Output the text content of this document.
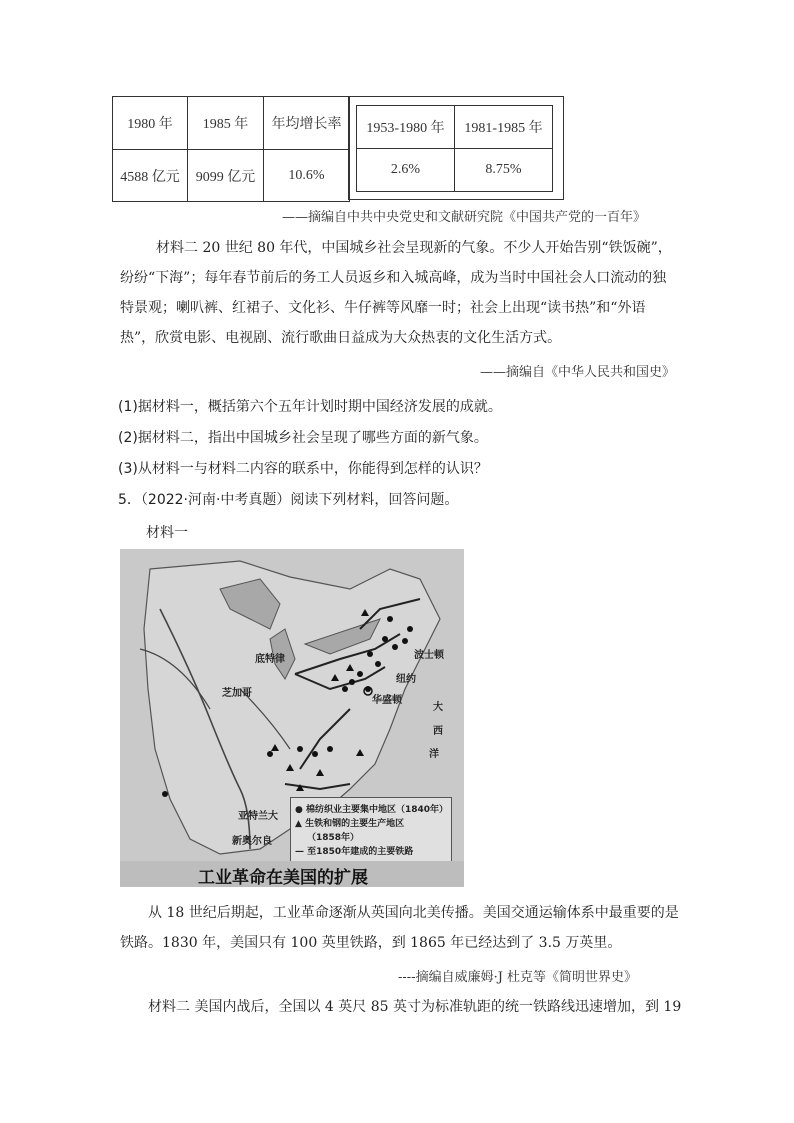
1980 年	1985 年	年均增长率
4588 亿元	9099 亿元	10.6%
1953-1980 年	1981-1985 年
2.6%	8.75%
——摘编自中共中央党史和文献研究院《中国共产党的一百年》

材料二 20 世纪 80 年代，中国城乡社会呈现新的气象。不少人开始告别“铁饭碗”，

纷纷“下海”；每年春节前后的务工人员返乡和入城高峰，成为当时中国社会人口流动的独

特景观；喇叭裤、红裙子、文化衫、牛仔裤等风靡一时；社会上出现“读书热”和“外语

热”，欣赏电影、电视剧、流行歌曲日益成为大众热衷的文化生活方式。

——摘编自《中华人民共和国史》
(1)据材料一，概括第六个五年计划时期中国经济发展的成就。
(2)据材料二，指出中国城乡社会呈现了哪些方面的新气象。
(3)从材料一与材料二内容的联系中，你能得到怎样的认识？
5．（2022·河南·中考真题）阅读下列材料，回答问题。
材料一
波士顿
底特律
芝加哥
纽约
华盛顿
亚特兰大
新奥尔良
大
西
洋
● 棉纺织业主要集中地区（1840年）
▲ 生铁和钢的主要生产地区
（1858年）
— 至1850年建成的主要铁路
工业革命在美国的扩展

从 18 世纪后期起，工业革命逐渐从英国向北美传播。美国交通运输体系中最重要的是

铁路。1830 年，美国只有 100 英里铁路，到 1865 年已经达到了 3.5 万英里。

----摘编自威廉姆·J 杜克等《简明世界史》
材料二 美国内战后，全国以 4 英尺 85 英寸为标准轨距的统一铁路线迅速增加，到 19
